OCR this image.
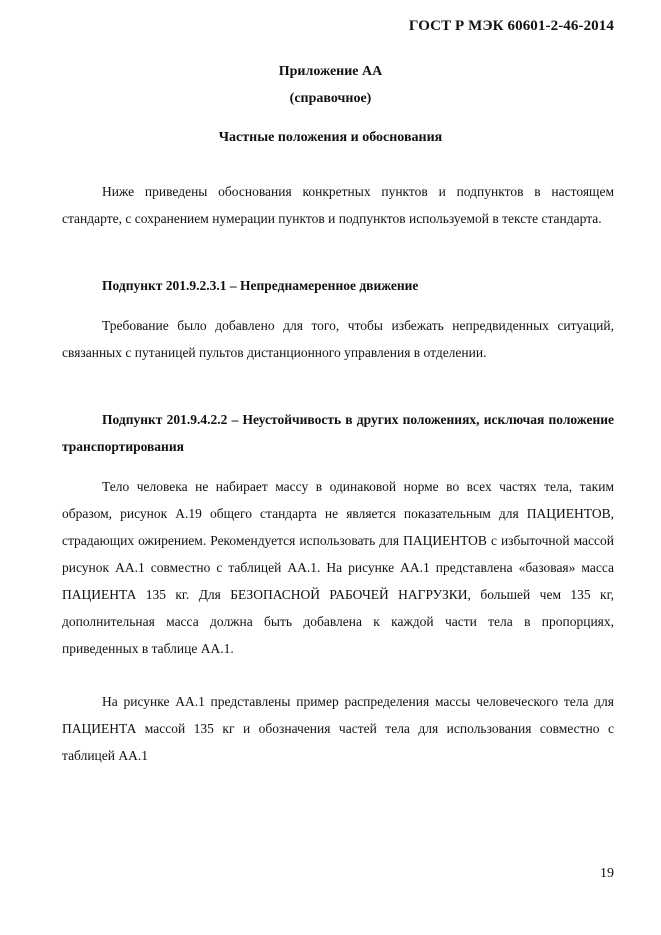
ГОСТ Р МЭК 60601-2-46-2014
Приложение АА
(справочное)
Частные положения и обоснования

Ниже приведены обоснования конкретных пунктов и подпунктов в настоящем стандарте, с сохранением нумерации пунктов и подпунктов используемой в тексте стандарта.

Подпункт 201.9.2.3.1 – Непреднамеренное движение

Требование было добавлено для того, чтобы избежать непредвиденных ситуаций, связанных с путаницей пультов дистанционного управления в отделении.

Подпункт 201.9.4.2.2 – Неустойчивость в других положениях, исключая положение транспортирования

Тело человека не набирает массу в одинаковой норме во всех частях тела, таким образом, рисунок А.19 общего стандарта не является показательным для ПАЦИЕНТОВ, страдающих ожирением. Рекомендуется использовать для ПАЦИЕНТОВ с избыточной массой рисунок АА.1 совместно с таблицей АА.1. На рисунке АА.1 представлена «базовая» масса ПАЦИЕНТА 135 кг. Для БЕЗОПАСНОЙ РАБОЧЕЙ НАГРУЗКИ, большей чем 135 кг, дополнительная масса должна быть добавлена к каждой части тела в пропорциях, приведенных в таблице АА.1.

На рисунке АА.1 представлены пример распределения массы человеческого тела для ПАЦИЕНТА массой 135 кг и обозначения частей тела для использования совместно с таблицей АА.1

19
